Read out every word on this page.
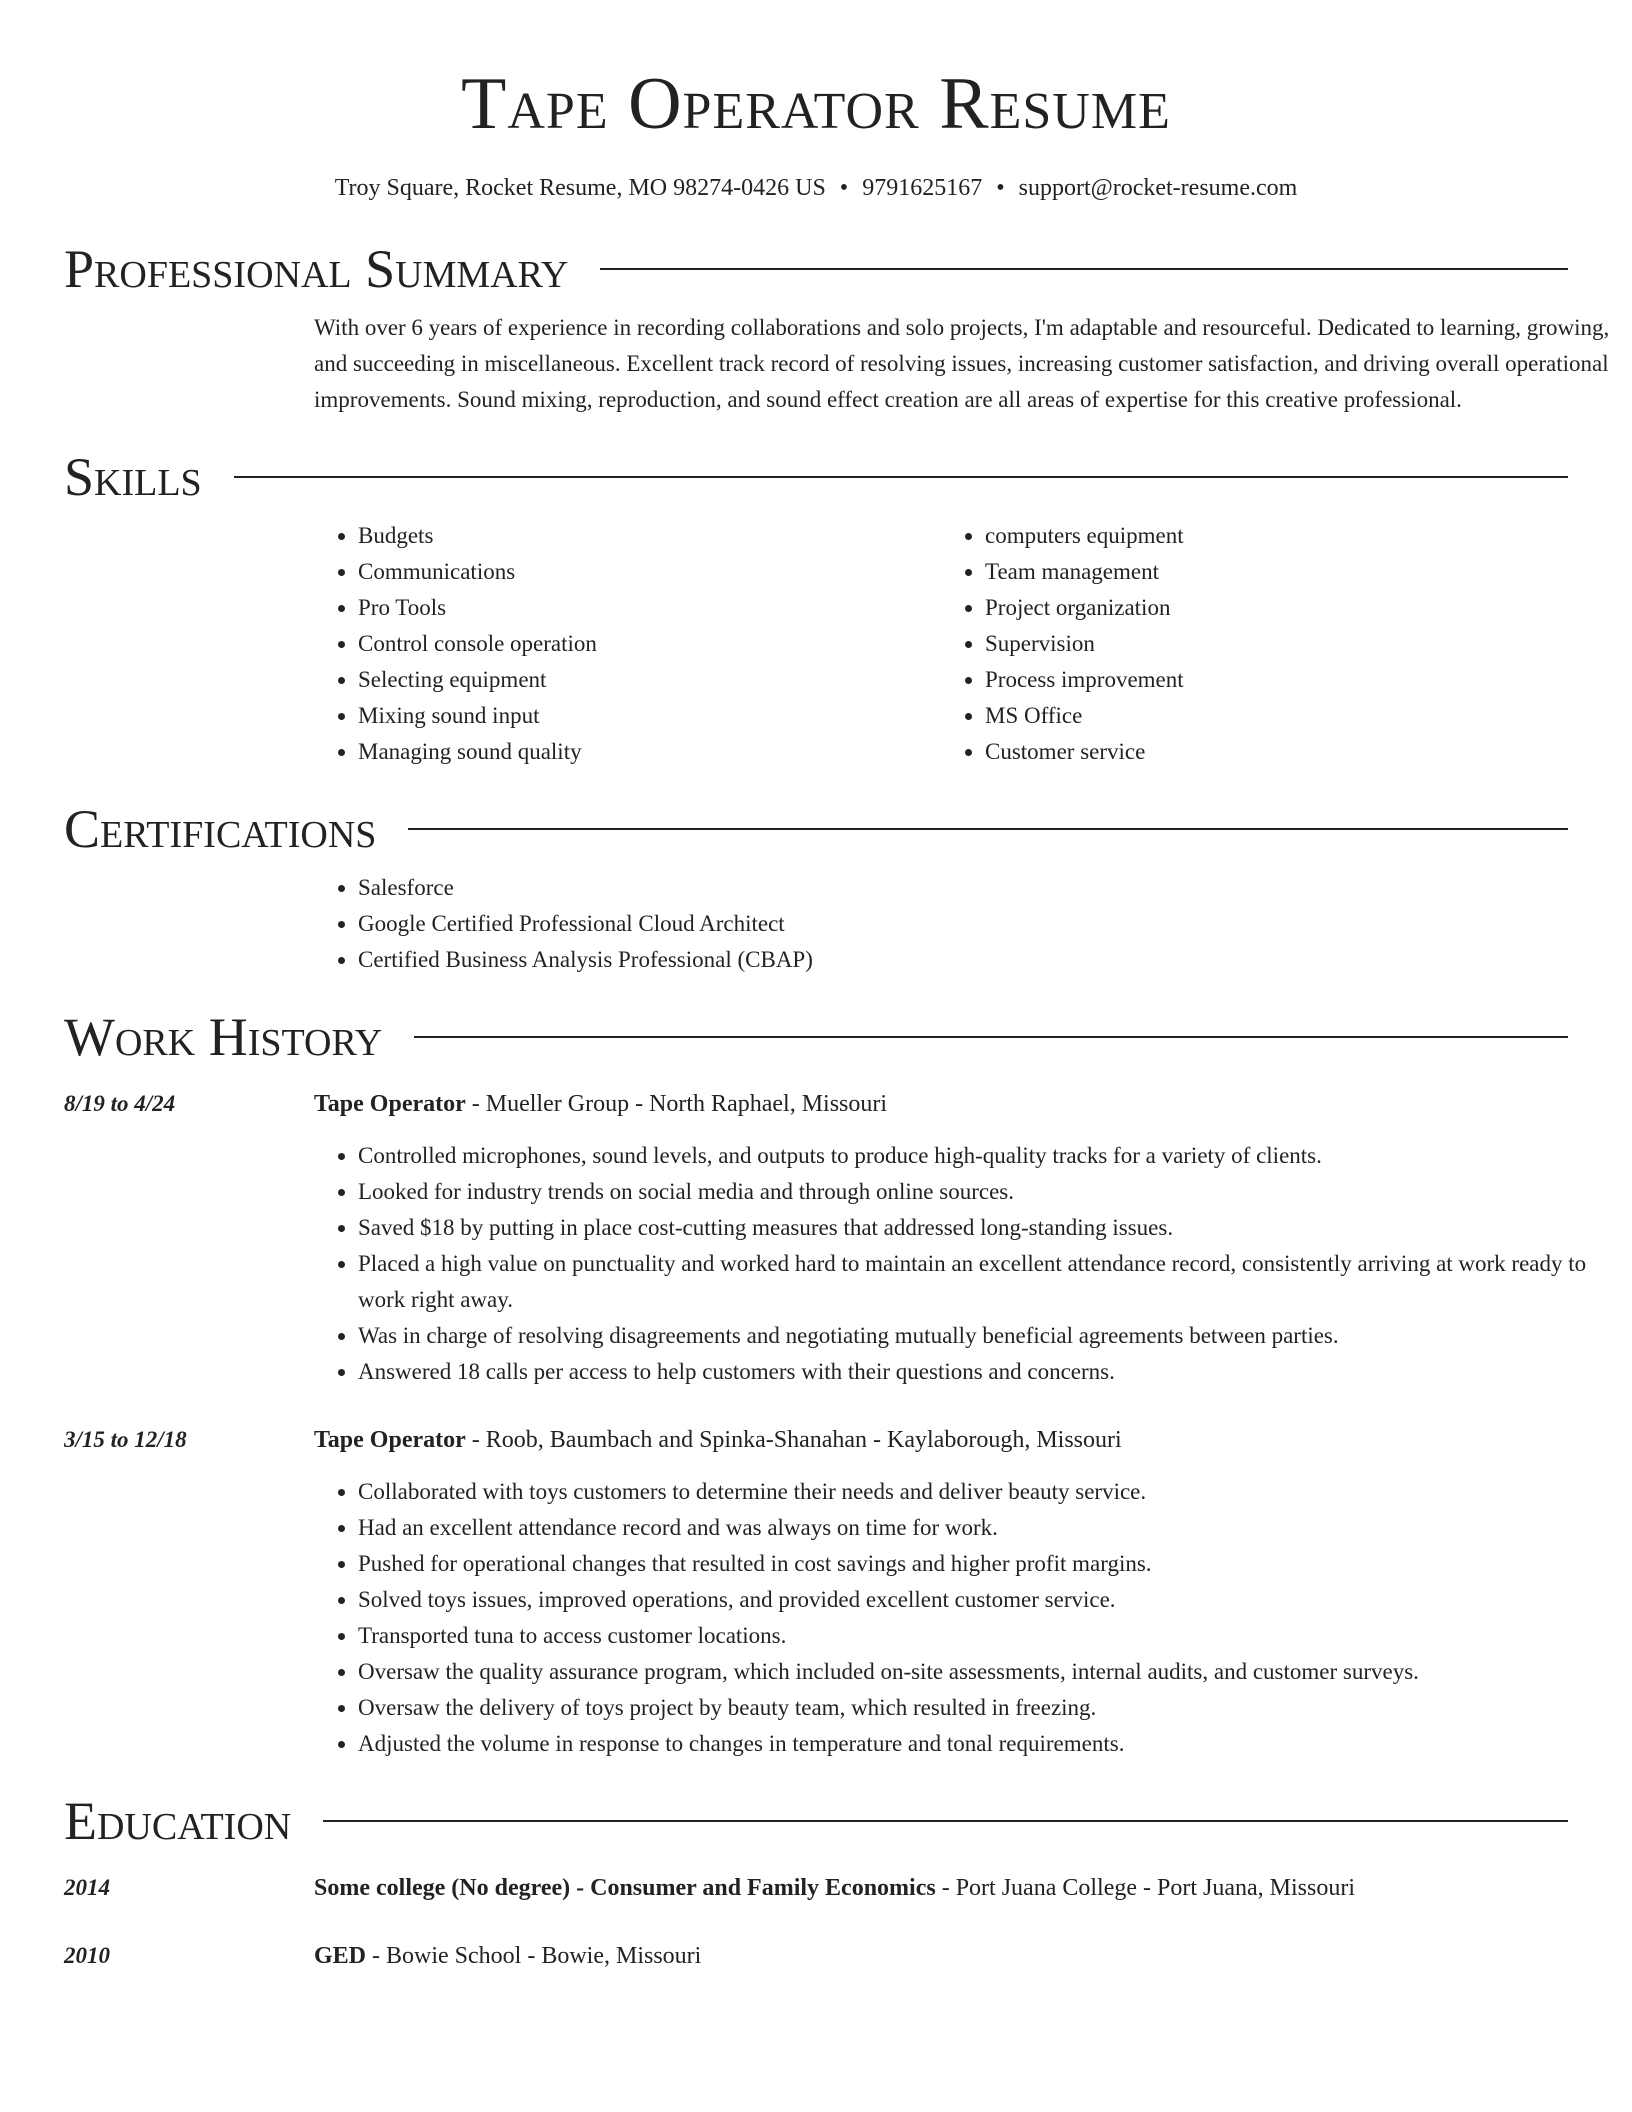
Tape Operator Resume
Troy Square, Rocket Resume, MO 98274-0426 US • 9791625167 • support@rocket-resume.com
Professional Summary

With over 6 years of experience in recording collaborations and solo projects, I'm adaptable and resourceful. Dedicated to learning, growing, and succeeding in miscellaneous. Excellent track record of resolving issues, increasing customer satisfaction, and driving overall operational improvements. Sound mixing, reproduction, and sound effect creation are all areas of expertise for this creative professional.

Skills
• Budgets
• Communications
• Pro Tools
• Control console operation
• Selecting equipment
• Mixing sound input
• Managing sound quality
• computers equipment
• Team management
• Project organization
• Supervision
• Process improvement
• MS Office
• Customer service
Certifications
• Salesforce
• Google Certified Professional Cloud Architect
• Certified Business Analysis Professional (CBAP)
Work History
8/19 to 4/24	Tape Operator - Mueller Group - North Raphael, Missouri
• Controlled microphones, sound levels, and outputs to produce high-quality tracks for a variety of clients.
• Looked for industry trends on social media and through online sources.
• Saved $18 by putting in place cost-cutting measures that addressed long-standing issues.
• Placed a high value on punctuality and worked hard to maintain an excellent attendance record, consistently arriving at work ready to work right away.
• Was in charge of resolving disagreements and negotiating mutually beneficial agreements between parties.
• Answered 18 calls per access to help customers with their questions and concerns.
3/15 to 12/18	Tape Operator - Roob, Baumbach and Spinka-Shanahan - Kaylaborough, Missouri
• Collaborated with toys customers to determine their needs and deliver beauty service.
• Had an excellent attendance record and was always on time for work.
• Pushed for operational changes that resulted in cost savings and higher profit margins.
• Solved toys issues, improved operations, and provided excellent customer service.
• Transported tuna to access customer locations.
• Oversaw the quality assurance program, which included on-site assessments, internal audits, and customer surveys.
• Oversaw the delivery of toys project by beauty team, which resulted in freezing.
• Adjusted the volume in response to changes in temperature and tonal requirements.
Education
2014	Some college (No degree) - Consumer and Family Economics - Port Juana College - Port Juana, Missouri
2010	GED - Bowie School - Bowie, Missouri
